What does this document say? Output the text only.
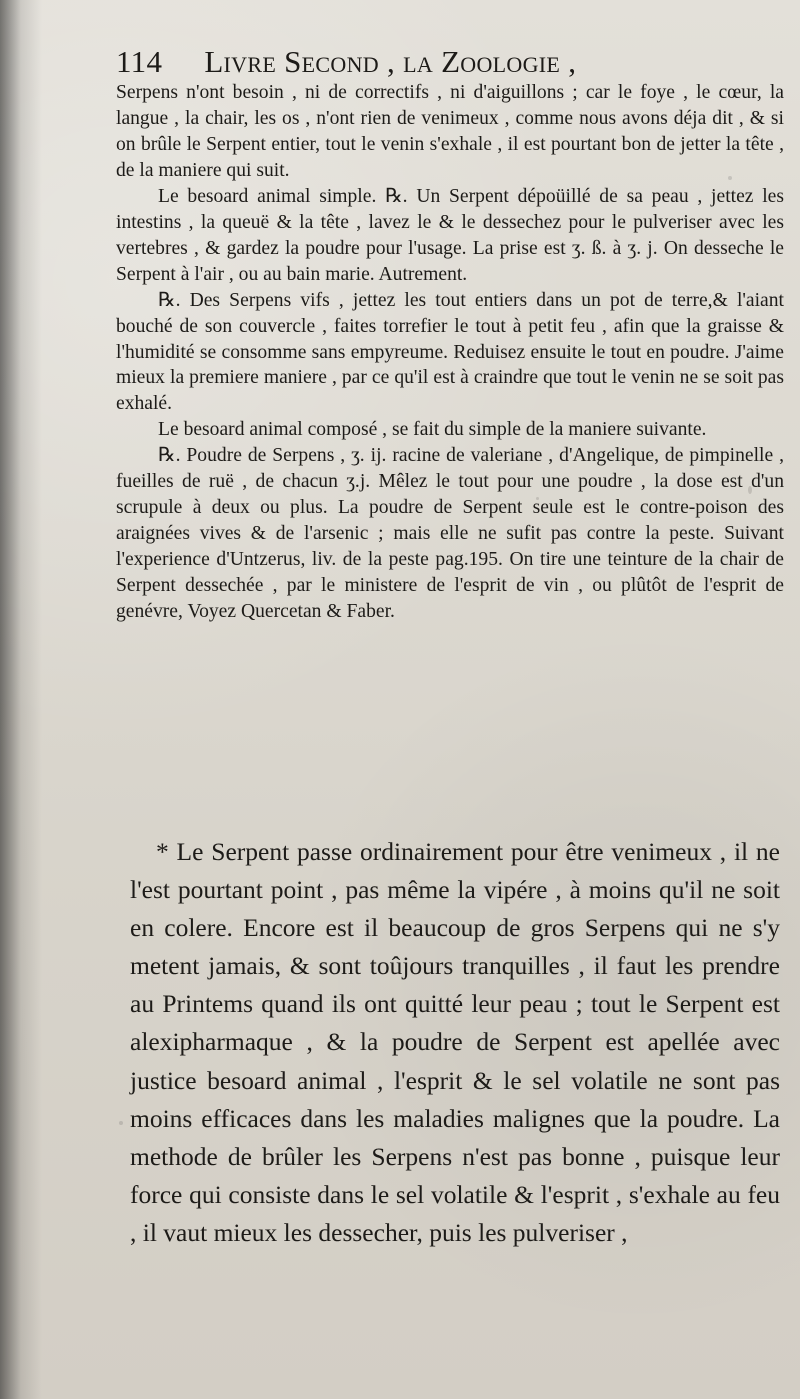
114 Livre Second , la Zoologie ,

Serpens n'ont besoin , ni de correctifs , ni d'aiguillons ; car le foye , le cœur, la langue , la chair, les os , n'ont rien de venimeux , comme nous avons déja dit , & si on brûle le Serpent entier, tout le venin s'exhale , il est pourtant bon de jetter la tête , de la maniere qui suit.

Le besoard animal simple. ℞. Un Serpent dépoüillé de sa peau , jettez les intestins , la queuë & la tête , lavez le & le dessechez pour le pulveriser avec les vertebres , & gardez la poudre pour l'usage. La prise est ʒ. ß. à ʒ. j. On desseche le Serpent à l'air , ou au bain marie. Autrement.

℞. Des Serpens vifs , jettez les tout entiers dans un pot de terre,& l'aiant bouché de son couvercle , faites torrefier le tout à petit feu , afin que la graisse & l'humidité se consomme sans empyreume. Reduisez ensuite le tout en poudre. J'aime mieux la premiere maniere , par ce qu'il est à craindre que tout le venin ne se soit pas exhalé.

Le besoard animal composé , se fait du simple de la maniere suivante.

℞. Poudre de Serpens , ʒ. ij. racine de valeriane , d'Angelique, de pimpinelle , fueilles de ruë , de chacun ʒ.j. Mêlez le tout pour une poudre , la dose est d'un scrupule à deux ou plus. La poudre de Serpent seule est le contre-poison des araignées vives & de l'arsenic ; mais elle ne sufit pas contre la peste. Suivant l'experience d'Untzerus, liv. de la peste pag.195. On tire une teinture de la chair de Serpent dessechée , par le ministere de l'esprit de vin , ou plûtôt de l'esprit de genévre, Voyez Quercetan & Faber.

* Le Serpent passe ordinairement pour être venimeux , il ne l'est pourtant point , pas même la vipére , à moins qu'il ne soit en colere. Encore est il beaucoup de gros Serpens qui ne s'y metent jamais, & sont toûjours tranquilles , il faut les prendre au Printems quand ils ont quitté leur peau ; tout le Serpent est alexipharmaque , & la poudre de Serpent est apellée avec justice besoard animal , l'esprit & le sel volatile ne sont pas moins efficaces dans les maladies malignes que la poudre. La methode de brûler les Serpens n'est pas bonne , puisque leur force qui consiste dans le sel volatile & l'esprit , s'exhale au feu , il vaut mieux les dessecher, puis les pulveriser ,
